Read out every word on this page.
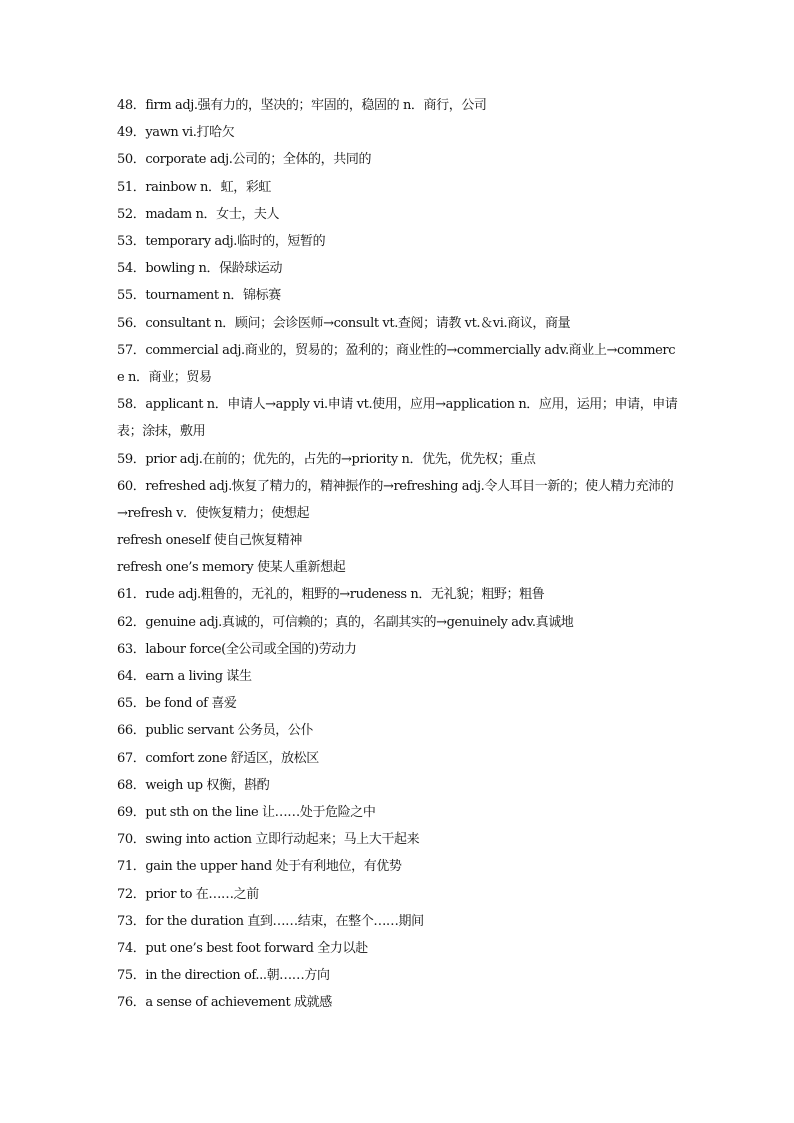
48．firm adj.强有力的，坚决的；牢固的，稳固的 n．商行，公司
49．yawn vi.打哈欠
50．corporate adj.公司的；全体的，共同的
51．rainbow n．虹，彩虹
52．madam n．女士，夫人
53．temporary adj.临时的，短暂的
54．bowling n．保龄球运动
55．tournament n．锦标赛
56．consultant n．顾问；会诊医师→consult vt.查阅；请教 vt.＆vi.商议，商量
57．commercial adj.商业的，贸易的；盈利的；商业性的→commercially adv.商业上→commerce n．商业；贸易
58．applicant n．申请人→apply vi.申请 vt.使用，应用→application n．应用，运用；申请，申请表；涂抹，敷用
59．prior adj.在前的；优先的，占先的→priority n．优先，优先权；重点
60．refreshed adj.恢复了精力的，精神振作的→refreshing adj.令人耳目一新的；使人精力充沛的→refresh v．使恢复精力；使想起
refresh oneself 使自己恢复精神
refresh one’s memory 使某人重新想起
61．rude adj.粗鲁的，无礼的，粗野的→rudeness n．无礼貌；粗野；粗鲁
62．genuine adj.真诚的，可信赖的；真的，名副其实的→genuinely adv.真诚地
63．labour force(全公司或全国的)劳动力
64．earn a living 谋生
65．be fond of 喜爱
66．public servant 公务员，公仆
67．comfort zone 舒适区，放松区
68．weigh up 权衡，斟酌
69．put sth on the line 让……处于危险之中
70．swing into action 立即行动起来；马上大干起来
71．gain the upper hand 处于有利地位，有优势
72．prior to 在……之前
73．for the duration 直到……结束，在整个……期间
74．put one’s best foot forward 全力以赴
75．in the direction of...朝……方向
76．a sense of achievement 成就感
